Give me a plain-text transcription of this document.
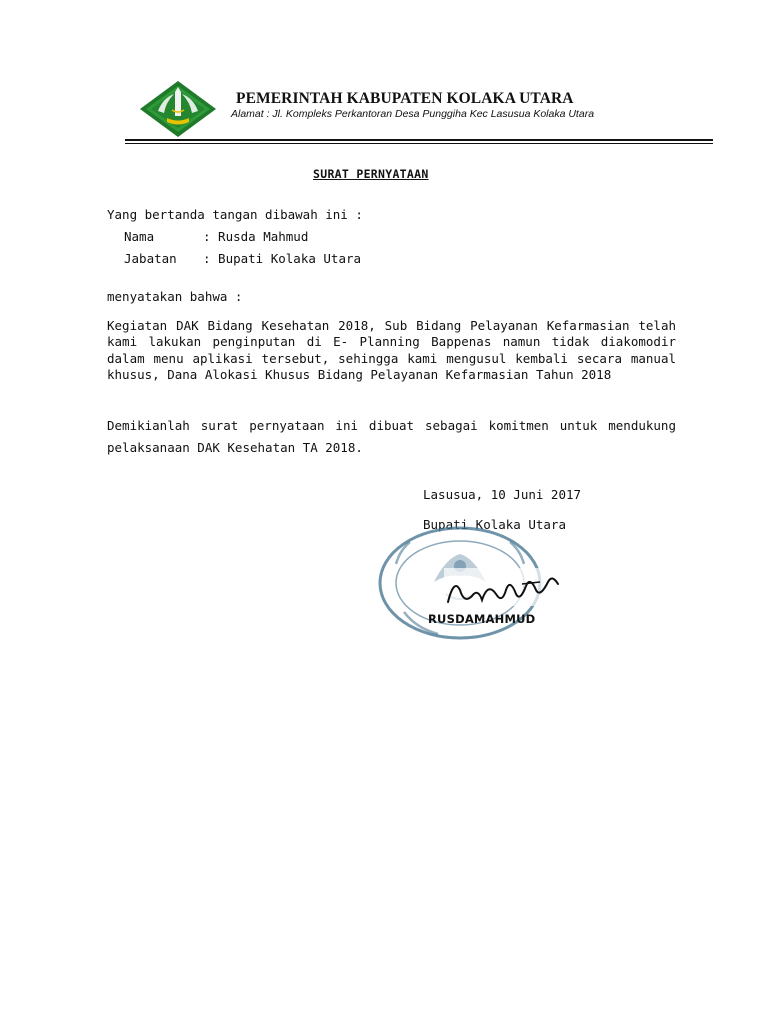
PEMERINTAH KABUPATEN KOLAKA UTARA
Alamat : Jl. Kompleks Perkantoran Desa Punggiha Kec Lasusua Kolaka Utara
SURAT PERNYATAAN
Yang bertanda tangan dibawah ini :
Nama	: Rusda Mahmud
Jabatan : Bupati Kolaka Utara
menyatakan bahwa :

Kegiatan DAK Bidang Kesehatan 2018, Sub Bidang Pelayanan Kefarmasian telah kami lakukan penginputan di E- Planning Bappenas namun tidak diakomodir dalam menu aplikasi tersebut, sehingga kami mengusul kembali secara manual khusus, Dana Alokasi Khusus Bidang Pelayanan Kefarmasian Tahun 2018

Demikianlah surat pernyataan ini dibuat sebagai komitmen untuk mendukung pelaksanaan DAK Kesehatan TA 2018.

Lasusua, 10 Juni 2017
Bupati Kolaka Utara
RUSDAMAHMUD
